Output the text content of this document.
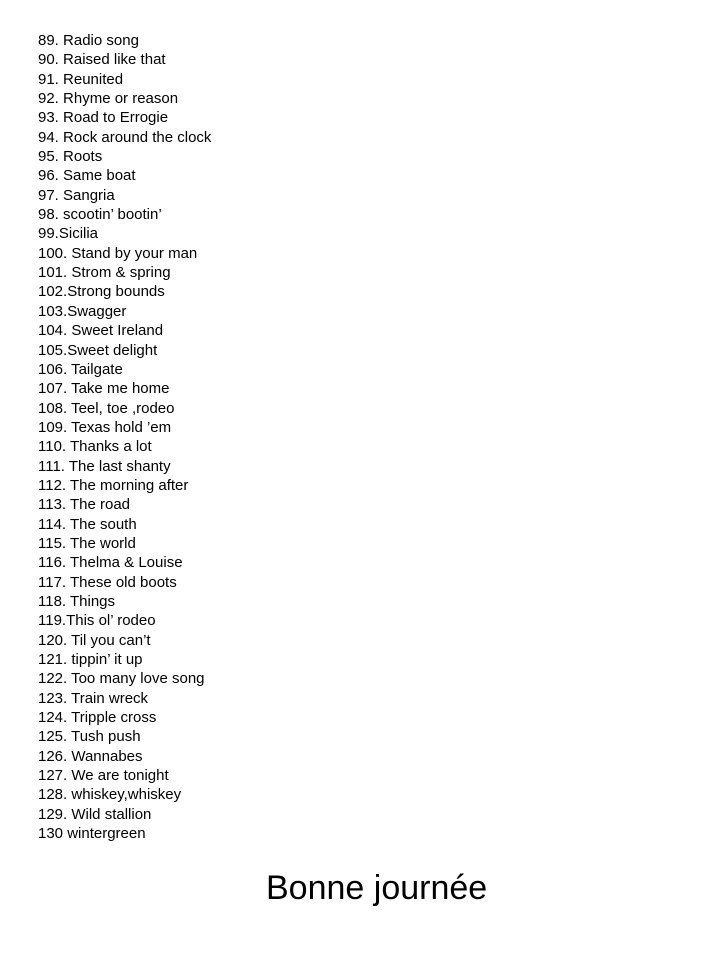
89. Radio song
90. Raised like that
91. Reunited
92. Rhyme or reason
93. Road to Errogie
94. Rock around the clock
95. Roots
96. Same boat
97. Sangria
98. scootin’ bootin’
99.Sicilia
100. Stand by your man
101. Strom & spring
102.Strong bounds
103.Swagger
104. Sweet Ireland
105.Sweet delight
106. Tailgate
107. Take me home
108. Teel, toe ,rodeo
109. Texas hold ’em
110. Thanks a lot
111. The last shanty
112. The morning after
113. The road
114. The south
115. The world
116. Thelma & Louise
117. These old boots
118. Things
119.This ol’ rodeo
120. Til you can’t
121. tippin’ it up
122. Too many love song
123. Train wreck
124. Tripple cross
125. Tush push
126. Wannabes
127. We are tonight
128. whiskey,whiskey
129. Wild stallion
130 wintergreen
Bonne journée
